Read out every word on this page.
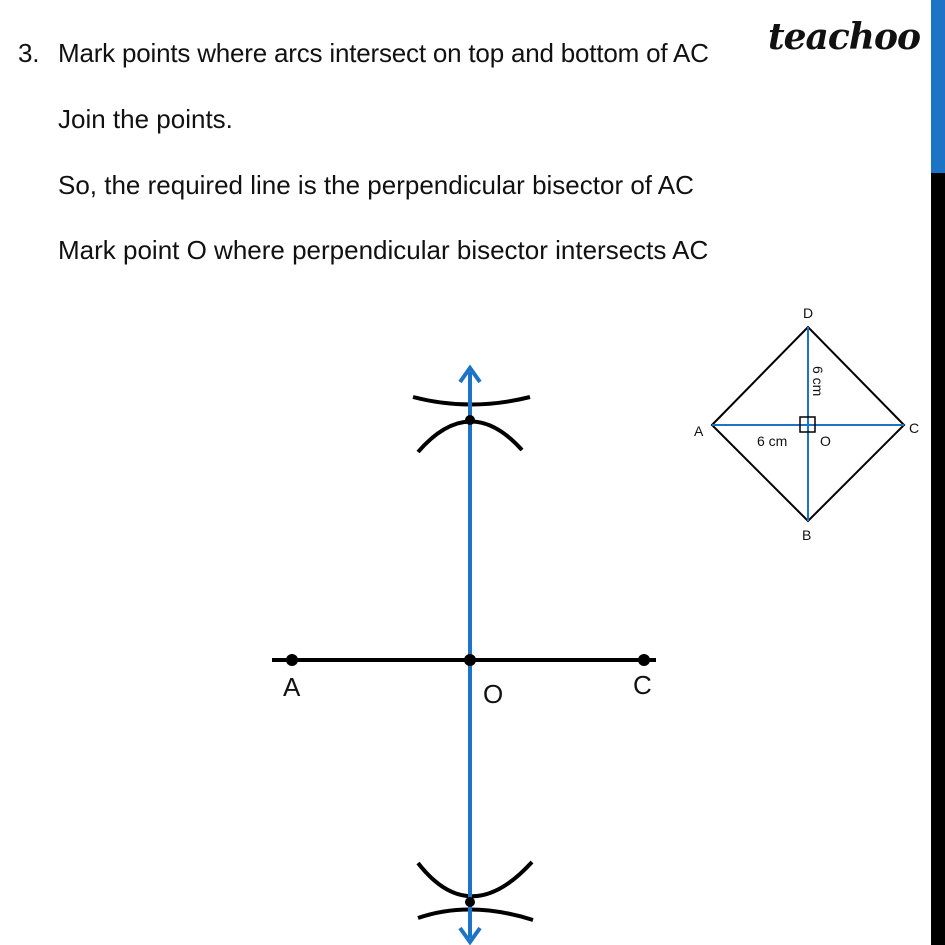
3. Mark points where arcs intersect on top and bottom of AC
Join the points.
So, the required line is the perpendicular bisector of AC
Mark point O where perpendicular bisector intersects AC
teachoo
A	O	C
D
A	C
B
O
6 cm
6 cm
